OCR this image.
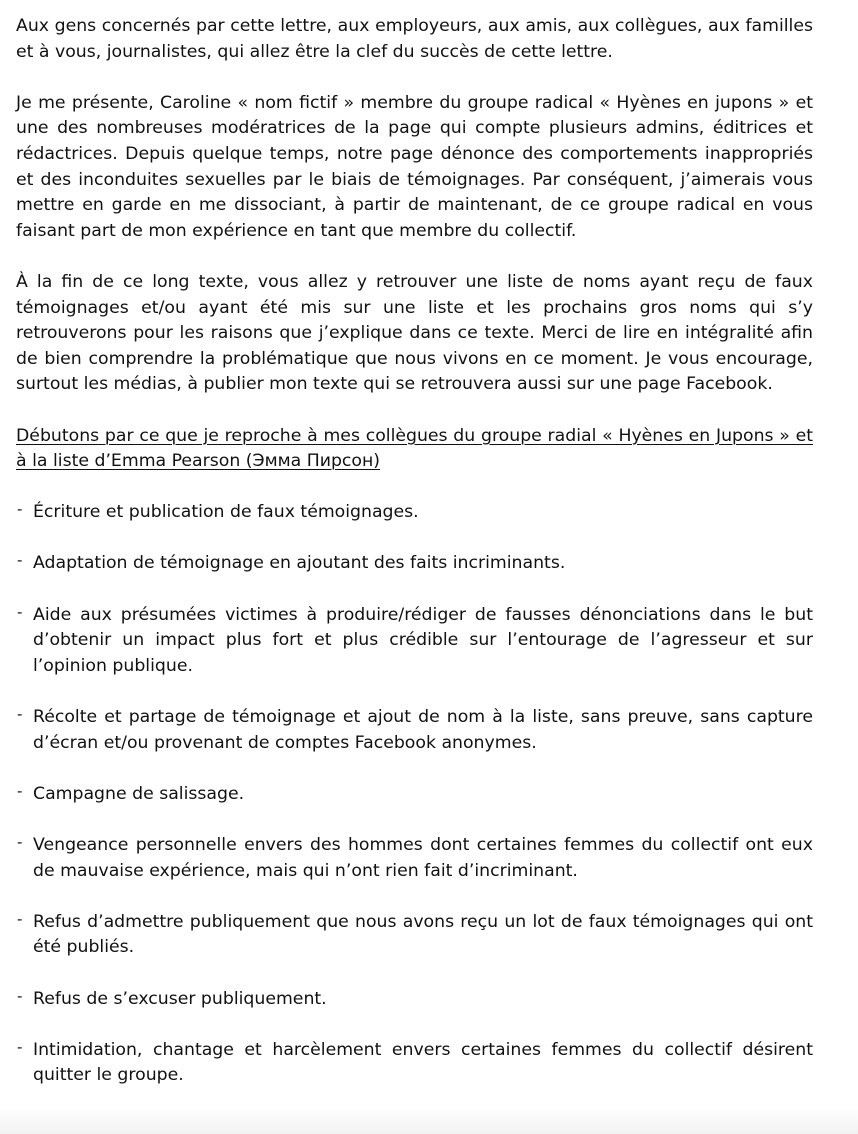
Aux gens concernés par cette lettre, aux employeurs, aux amis, aux collègues, aux familles et à vous, journalistes, qui allez être la clef du succès de cette lettre.

Je me présente, Caroline « nom fictif » membre du groupe radical « Hyènes en jupons » et une des nombreuses modératrices de la page qui compte plusieurs admins, éditrices et rédactrices. Depuis quelque temps, notre page dénonce des comportements inappropriés et des inconduites sexuelles par le biais de témoignages. Par conséquent, j’aimerais vous mettre en garde en me dissociant, à partir de maintenant, de ce groupe radical en vous faisant part de mon expérience en tant que membre du collectif.

À la fin de ce long texte, vous allez y retrouver une liste de noms ayant reçu de faux témoignages et/ou ayant été mis sur une liste et les prochains gros noms qui s’y retrouverons pour les raisons que j’explique dans ce texte. Merci de lire en intégralité afin de bien comprendre la problématique que nous vivons en ce moment. Je vous encourage, surtout les médias, à publier mon texte qui se retrouvera aussi sur une page Facebook.

Débutons par ce que je reproche à mes collègues du groupe radial « Hyènes en Jupons » et à la liste d’Emma Pearson (Эмма Пирсон)

- Écriture et publication de faux témoignages.
- Adaptation de témoignage en ajoutant des faits incriminants.
- Aide aux présumées victimes à produire/rédiger de fausses dénonciations dans le but d’obtenir un impact plus fort et plus crédible sur l’entourage de l’agresseur et sur l’opinion publique.
- Récolte et partage de témoignage et ajout de nom à la liste, sans preuve, sans capture d’écran et/ou provenant de comptes Facebook anonymes.
- Campagne de salissage.
- Vengeance personnelle envers des hommes dont certaines femmes du collectif ont eux de mauvaise expérience, mais qui n’ont rien fait d’incriminant.
- Refus d’admettre publiquement que nous avons reçu un lot de faux témoignages qui ont été publiés.
- Refus de s’excuser publiquement.
- Intimidation, chantage et harcèlement envers certaines femmes du collectif désirent quitter le groupe.
